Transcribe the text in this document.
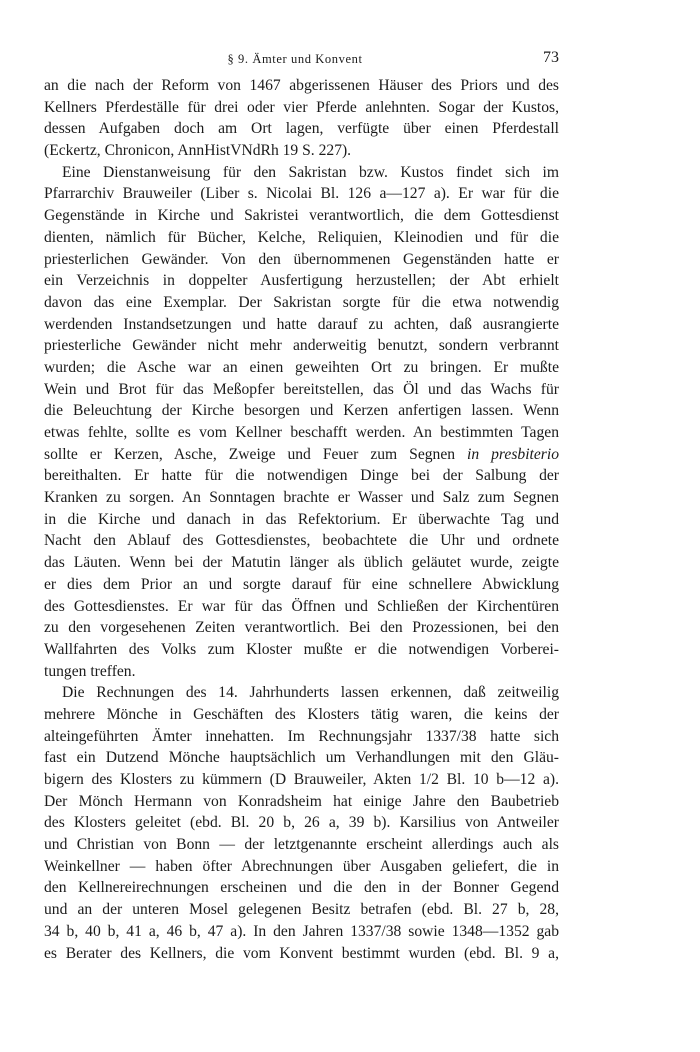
§ 9. Ämter und Konvent	73
an die nach der Reform von 1467 abgerissenen Häuser des Priors und des
Kellners Pferdeställe für drei oder vier Pferde anlehnten. Sogar der Kustos,
dessen Aufgaben doch am Ort lagen, verfügte über einen Pferdestall
(Eckertz, Chronicon, AnnHistVNdRh 19 S. 227).
Eine Dienstanweisung für den Sakristan bzw. Kustos findet sich im
Pfarrarchiv Brauweiler (Liber s. Nicolai Bl. 126 a—127 a). Er war für die
Gegenstände in Kirche und Sakristei verantwortlich, die dem Gottesdienst
dienten, nämlich für Bücher, Kelche, Reliquien, Kleinodien und für die
priesterlichen Gewänder. Von den übernommenen Gegenständen hatte er
ein Verzeichnis in doppelter Ausfertigung herzustellen; der Abt erhielt
davon das eine Exemplar. Der Sakristan sorgte für die etwa notwendig
werdenden Instandsetzungen und hatte darauf zu achten, daß ausrangierte
priesterliche Gewänder nicht mehr anderweitig benutzt, sondern verbrannt
wurden; die Asche war an einen geweihten Ort zu bringen. Er mußte
Wein und Brot für das Meßopfer bereitstellen, das Öl und das Wachs für
die Beleuchtung der Kirche besorgen und Kerzen anfertigen lassen. Wenn
etwas fehlte, sollte es vom Kellner beschafft werden. An bestimmten Tagen
sollte er Kerzen, Asche, Zweige und Feuer zum Segnen in presbiterio
bereithalten. Er hatte für die notwendigen Dinge bei der Salbung der
Kranken zu sorgen. An Sonntagen brachte er Wasser und Salz zum Segnen
in die Kirche und danach in das Refektorium. Er überwachte Tag und
Nacht den Ablauf des Gottesdienstes, beobachtete die Uhr und ordnete
das Läuten. Wenn bei der Matutin länger als üblich geläutet wurde, zeigte
er dies dem Prior an und sorgte darauf für eine schnellere Abwicklung
des Gottesdienstes. Er war für das Öffnen und Schließen der Kirchentüren
zu den vorgesehenen Zeiten verantwortlich. Bei den Prozessionen, bei den
Wallfahrten des Volks zum Kloster mußte er die notwendigen Vorberei-
tungen treffen.
Die Rechnungen des 14. Jahrhunderts lassen erkennen, daß zeitweilig
mehrere Mönche in Geschäften des Klosters tätig waren, die keins der
alteingeführten Ämter innehatten. Im Rechnungsjahr 1337/38 hatte sich
fast ein Dutzend Mönche hauptsächlich um Verhandlungen mit den Gläu-
bigern des Klosters zu kümmern (D Brauweiler, Akten 1/2 Bl. 10 b—12 a).
Der Mönch Hermann von Konradsheim hat einige Jahre den Baubetrieb
des Klosters geleitet (ebd. Bl. 20 b, 26 a, 39 b). Karsilius von Antweiler
und Christian von Bonn — der letztgenannte erscheint allerdings auch als
Weinkellner — haben öfter Abrechnungen über Ausgaben geliefert, die in
den Kellnereirechnungen erscheinen und die den in der Bonner Gegend
und an der unteren Mosel gelegenen Besitz betrafen (ebd. Bl. 27 b, 28,
34 b, 40 b, 41 a, 46 b, 47 a). In den Jahren 1337/38 sowie 1348—1352 gab
es Berater des Kellners, die vom Konvent bestimmt wurden (ebd. Bl. 9 a,
